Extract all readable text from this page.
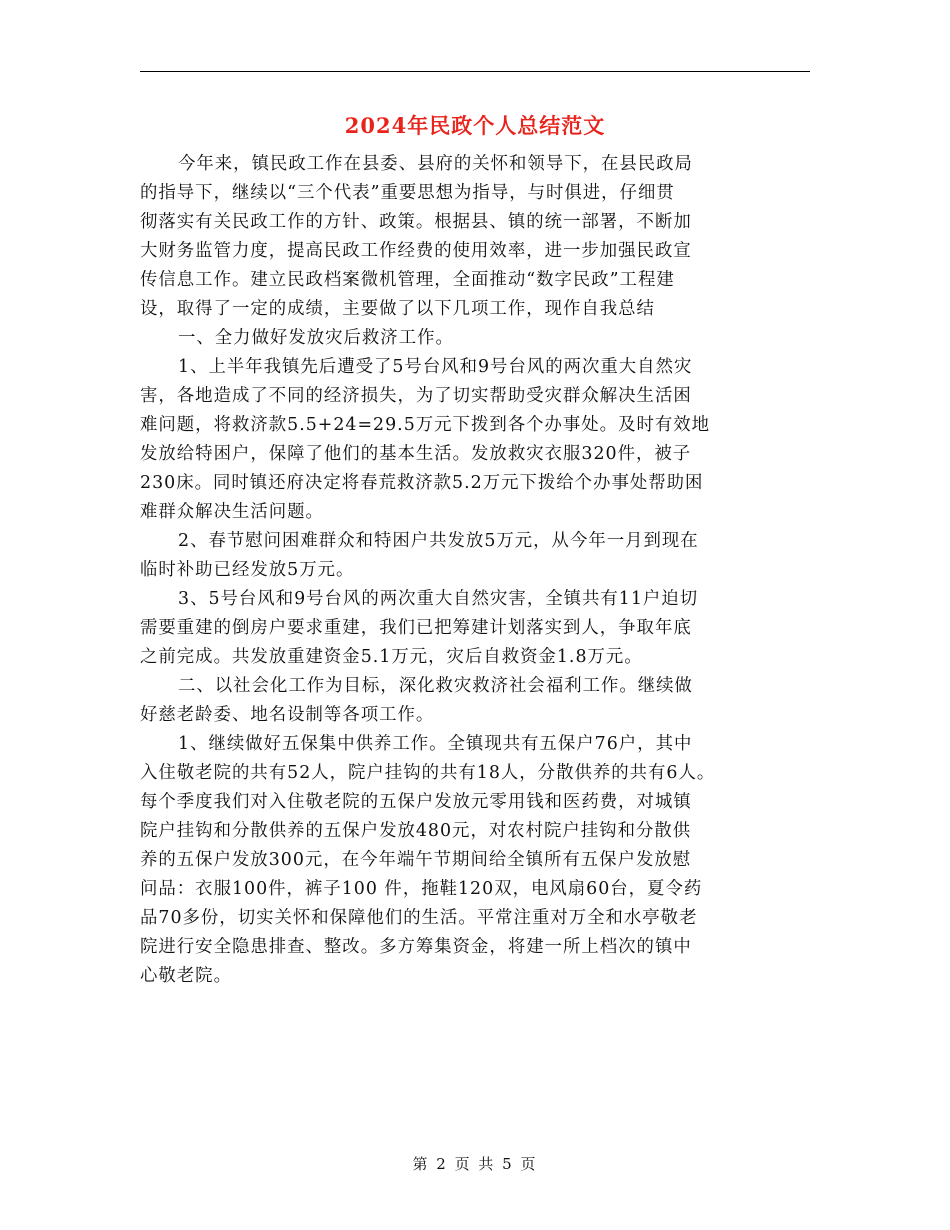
2024年民政个人总结范文

今年来，镇民政工作在县委、县府的关怀和领导下，在县民政局
的指导下，继续以“三个代表”重要思想为指导，与时俱进，仔细贯
彻落实有关民政工作的方针、政策。根据县、镇的统一部署，不断加
大财务监管力度，提高民政工作经费的使用效率，进一步加强民政宣
传信息工作。建立民政档案微机管理，全面推动“数字民政”工程建
设，取得了一定的成绩，主要做了以下几项工作，现作自我总结

一、全力做好发放灾后救济工作。

1、上半年我镇先后遭受了5号台风和9号台风的两次重大自然灾
害，各地造成了不同的经济损失，为了切实帮助受灾群众解决生活困
难问题，将救济款5.5+24=29.5万元下拨到各个办事处。及时有效地
发放给特困户，保障了他们的基本生活。发放救灾衣服320件，被子
230床。同时镇还府决定将春荒救济款5.2万元下拨给个办事处帮助困
难群众解决生活问题。

2、春节慰问困难群众和特困户共发放5万元，从今年一月到现在
临时补助已经发放5万元。

3、5号台风和9号台风的两次重大自然灾害，全镇共有11户迫切
需要重建的倒房户要求重建，我们已把筹建计划落实到人，争取年底
之前完成。共发放重建资金5.1万元，灾后自救资金1.8万元。

二、以社会化工作为目标，深化救灾救济社会福利工作。继续做
好慈老龄委、地名设制等各项工作。

1、继续做好五保集中供养工作。全镇现共有五保户76户，其中
入住敬老院的共有52人，院户挂钩的共有18人，分散供养的共有6人。
每个季度我们对入住敬老院的五保户发放元零用钱和医药费，对城镇
院户挂钩和分散供养的五保户发放480元，对农村院户挂钩和分散供
养的五保户发放300元，在今年端午节期间给全镇所有五保户发放慰
问品：衣服100件，裤子100 件，拖鞋120双，电风扇60台，夏令药
品70多份，切实关怀和保障他们的生活。平常注重对万全和水亭敬老
院进行安全隐患排查、整改。多方筹集资金，将建一所上档次的镇中
心敬老院。

第 2 页 共 5 页
